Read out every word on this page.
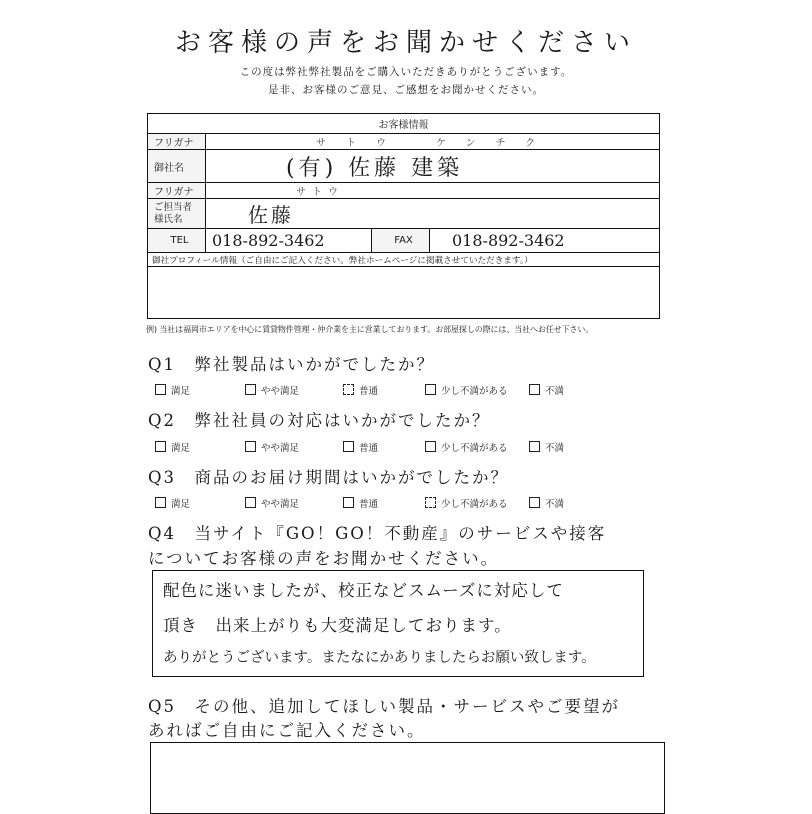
お客様の声をお聞かせください
この度は弊社弊社製品をご購入いただきありがとうございます。
是非、お客様のご意見、ご感想をお聞かせください。
お客様情報			
フリガナ	サトウ　ケンチク		
御社名	(有) 佐藤 建築		
フリガナ	サトウ		

ご担当者
様氏名	佐藤		
TEL	018-892-3462	FAX	018-892-3462
御社プロフィール情報（ご自由にご記入ください。弊社ホームページに掲載させていただきます。）			

例) 当社は福岡市エリアを中心に賃貸物件管理・仲介業を主に営業しております。お部屋探しの際には、当社へお任せ下さい。
Q1　弊社製品はいかがでしたか？
満足	やや満足	普通	少し不満がある	不満
Q2　弊社社員の対応はいかがでしたか？
満足	やや満足	普通	少し不満がある	不満
Q3　商品のお届け期間はいかがでしたか？
満足	やや満足	普通	少し不満がある	不満
Q4　当サイト『GO！GO！不動産』のサービスや接客
についてお客様の声をお聞かせください。
配色に迷いましたが、校正などスムーズに対応して
頂き　出来上がりも大変満足しております。
ありがとうございます。またなにかありましたらお願い致します。
Q5　その他、追加してほしい製品・サービスやご要望が
あればご自由にご記入ください。
